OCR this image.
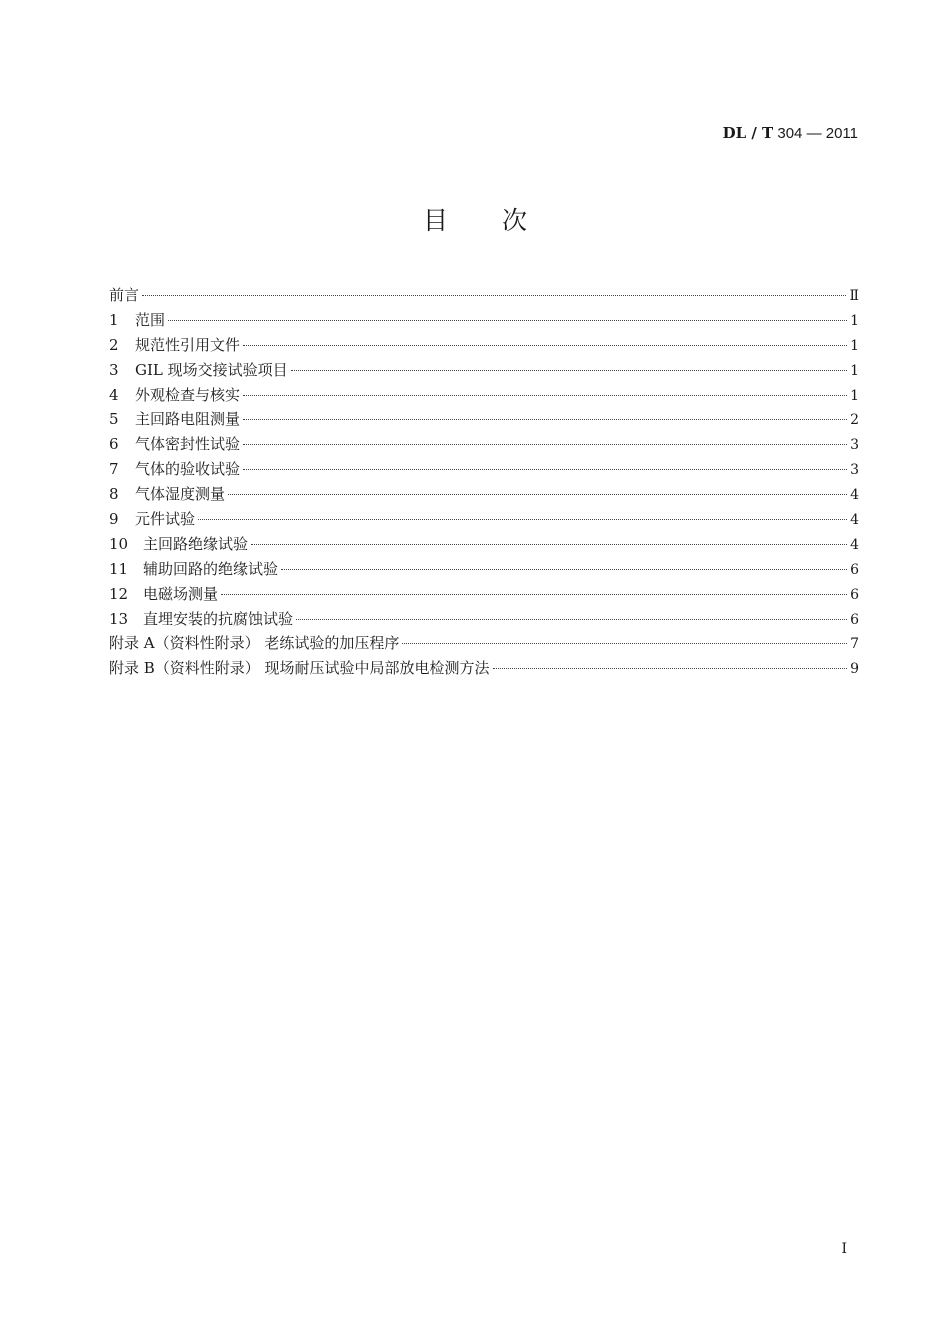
DL / T 304 — 2011
目次
前言	Ⅱ
1	范围	1
2	规范性引用文件	1
3	GIL 现场交接试验项目	1
4	外观检查与核实	1
5	主回路电阻测量	2
6	气体密封性试验	3
7	气体的验收试验	3
8	气体湿度测量	4
9	元件试验	4
10 主回路绝缘试验	4
11 辅助回路的绝缘试验	6
12 电磁场测量	6
13 直埋安装的抗腐蚀试验	6
附录 A（资料性附录） 老练试验的加压程序	7
附录 B（资料性附录） 现场耐压试验中局部放电检测方法	9
I
